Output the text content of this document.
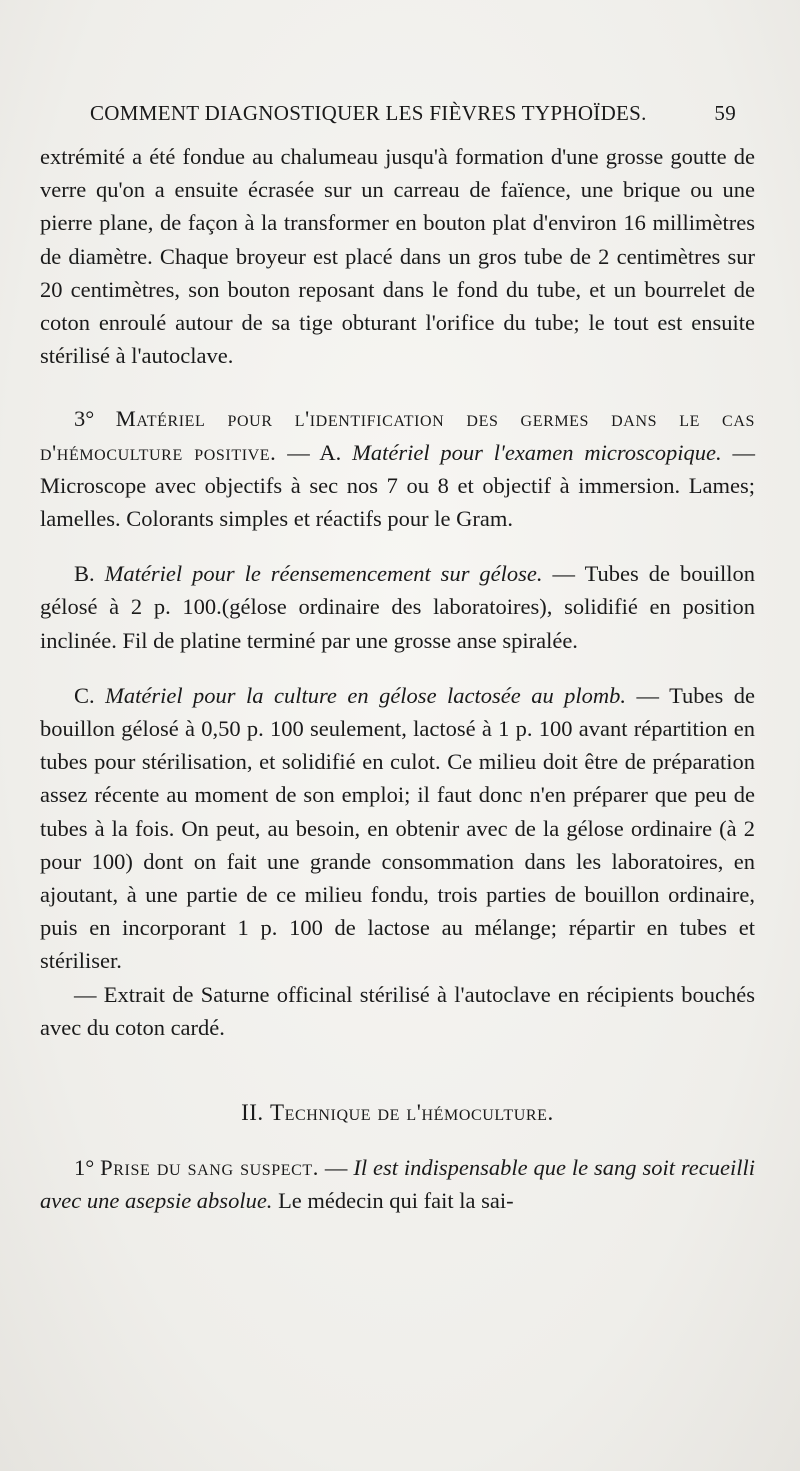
COMMENT DIAGNOSTIQUER LES FIÈVRES TYPHOÏDES.	59

extrémité a été fondue au chalumeau jusqu'à formation d'une grosse goutte de verre qu'on a ensuite écrasée sur un carreau de faïence, une brique ou une pierre plane, de façon à la transformer en bouton plat d'environ 16 millimètres de diamètre. Chaque broyeur est placé dans un gros tube de 2 centimètres sur 20 centimètres, son bouton reposant dans le fond du tube, et un bourrelet de coton enroulé autour de sa tige obturant l'orifice du tube; le tout est ensuite stérilisé à l'autoclave.

3° Matériel pour l'identification des germes dans le cas d'hémoculture positive. — A. Matériel pour l'examen microscopique. — Microscope avec objectifs à sec nos 7 ou 8 et objectif à immersion. Lames; lamelles. Colorants simples et réactifs pour le Gram.

B. Matériel pour le réensemencement sur gélose. — Tubes de bouillon gélosé à 2 p. 100.(gélose ordinaire des laboratoires), solidifié en position inclinée. Fil de platine terminé par une grosse anse spiralée.

C. Matériel pour la culture en gélose lactosée au plomb. — Tubes de bouillon gélosé à 0,50 p. 100 seulement, lactosé à 1 p. 100 avant répartition en tubes pour stérilisation, et solidifié en culot. Ce milieu doit être de préparation assez récente au moment de son emploi; il faut donc n'en préparer que peu de tubes à la fois. On peut, au besoin, en obtenir avec de la gélose ordinaire (à 2 pour 100) dont on fait une grande consommation dans les laboratoires, en ajoutant, à une partie de ce milieu fondu, trois parties de bouillon ordinaire, puis en incorporant 1 p. 100 de lactose au mélange; répartir en tubes et stériliser.

— Extrait de Saturne officinal stérilisé à l'autoclave en récipients bouchés avec du coton cardé.

II. Technique de l'hémoculture.

1° Prise du sang suspect. — Il est indispensable que le sang soit recueilli avec une asepsie absolue. Le médecin qui fait la sai-
